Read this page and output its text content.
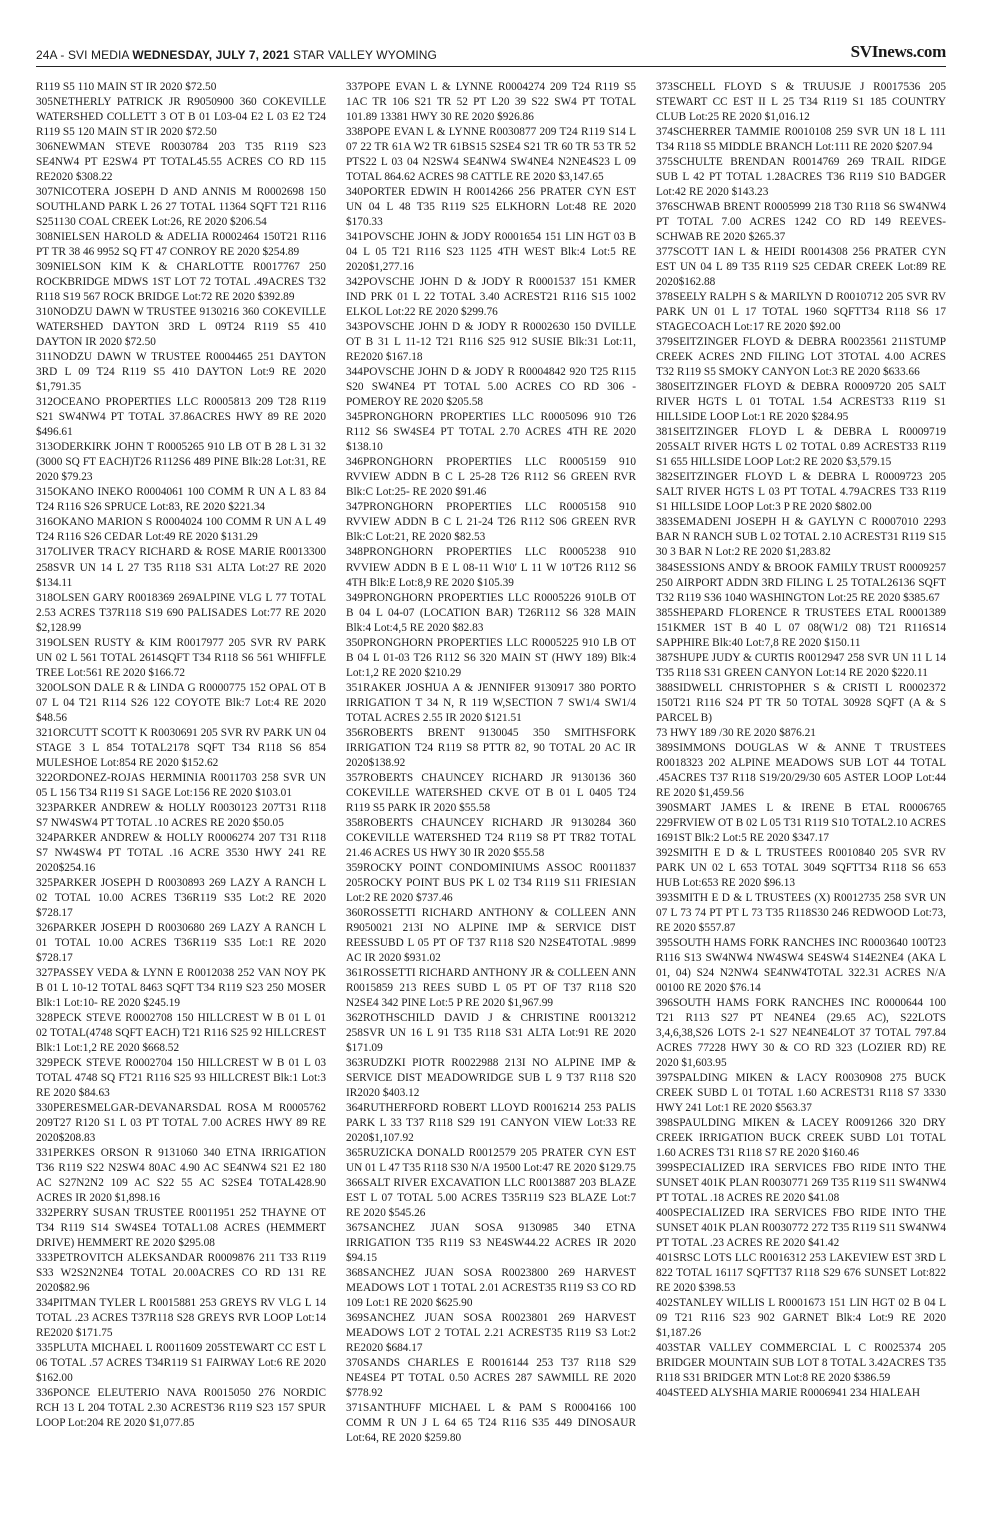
24A - SVI MEDIA WEDNESDAY, JULY 7, 2021 STAR VALLEY WYOMING	SVInews.com

R119 S5 110 MAIN ST IR 2020 $72.50

305NETHERLY PATRICK JR R9050900 360 COKEVILLE WATERSHED COLLETT 3 OT B 01 L03-04 E2 L 03 E2 T24 R119 S5 120 MAIN ST IR 2020 $72.50

306NEWMAN STEVE R0030784 203 T35 R119 S23 SE4NW4 PT E2SW4 PT TOTAL45.55 ACRES CO RD 115 RE2020 $308.22

307NICOTERA JOSEPH D AND ANNIS M R0002698 150 SOUTHLAND PARK L 26 27 TOTAL 11364 SQFT T21 R116 S251130 COAL CREEK Lot:26, RE 2020 $206.54

308NIELSEN HAROLD & ADELIA R0002464 150T21 R116 PT TR 38 46 9952 SQ FT 47 CONROY RE 2020 $254.89

309NIELSON KIM K & CHARLOTTE R0017767 250 ROCKBRIDGE MDWS 1ST LOT 72 TOTAL .49ACRES T32 R118 S19 567 ROCK BRIDGE Lot:72 RE 2020 $392.89

310NODZU DAWN W TRUSTEE 9130216 360 COKEVILLE WATERSHED DAYTON 3RD L 09T24 R119 S5 410 DAYTON IR 2020 $72.50

311NODZU DAWN W TRUSTEE R0004465 251 DAYTON 3RD L 09 T24 R119 S5 410 DAYTON Lot:9 RE 2020 $1,791.35

312OCEANO PROPERTIES LLC R0005813 209 T28 R119 S21 SW4NW4 PT TOTAL 37.86ACRES HWY 89 RE 2020 $496.61

313ODERKIRK JOHN T R0005265 910 LB OT B 28 L 31 32 (3000 SQ FT EACH)T26 R112S6 489 PINE Blk:28 Lot:31, RE 2020 $79.23

315OKANO INEKO R0004061 100 COMM R UN A L 83 84 T24 R116 S26 SPRUCE Lot:83, RE 2020 $221.34

316OKANO MARION S R0004024 100 COMM R UN A L 49 T24 R116 S26 CEDAR Lot:49 RE 2020 $131.29

317OLIVER TRACY RICHARD & ROSE MARIE R0013300 258SVR UN 14 L 27 T35 R118 S31 ALTA Lot:27 RE 2020 $134.11

318OLSEN GARY R0018369 269ALPINE VLG L 77 TOTAL 2.53 ACRES T37R118 S19 690 PALISADES Lot:77 RE 2020 $2,128.99

319OLSEN RUSTY & KIM R0017977 205 SVR RV PARK UN 02 L 561 TOTAL 2614SQFT T34 R118 S6 561 WHIFFLE TREE Lot:561 RE 2020 $166.72

320OLSON DALE R & LINDA G R0000775 152 OPAL OT B 07 L 04 T21 R114 S26 122 COYOTE Blk:7 Lot:4 RE 2020 $48.56

321ORCUTT SCOTT K R0030691 205 SVR RV PARK UN 04 STAGE 3 L 854 TOTAL2178 SQFT T34 R118 S6 854 MULESHOE Lot:854 RE 2020 $152.62

322ORDONEZ-ROJAS HERMINIA R0011703 258 SVR UN 05 L 156 T34 R119 S1 SAGE Lot:156 RE 2020 $103.01

323PARKER ANDREW & HOLLY R0030123 207T31 R118 S7 NW4SW4 PT TOTAL .10 ACRES RE 2020 $50.05

324PARKER ANDREW & HOLLY R0006274 207 T31 R118 S7 NW4SW4 PT TOTAL .16 ACRE 3530 HWY 241 RE 2020$254.16

325PARKER JOSEPH D R0030893 269 LAZY A RANCH L 02 TOTAL 10.00 ACRES T36R119 S35 Lot:2 RE 2020 $728.17

326PARKER JOSEPH D R0030680 269 LAZY A RANCH L 01 TOTAL 10.00 ACRES T36R119 S35 Lot:1 RE 2020 $728.17

327PASSEY VEDA & LYNN E R0012038 252 VAN NOY PK B 01 L 10-12 TOTAL 8463 SQFT T34 R119 S23 250 MOSER Blk:1 Lot:10- RE 2020 $245.19

328PECK STEVE R0002708 150 HILLCREST W B 01 L 01 02 TOTAL(4748 SQFT EACH) T21 R116 S25 92 HILLCREST Blk:1 Lot:1,2 RE 2020 $668.52

329PECK STEVE R0002704 150 HILLCREST W B 01 L 03 TOTAL 4748 SQ FT21 R116 S25 93 HILLCREST Blk:1 Lot:3 RE 2020 $84.63

330PERESMELGAR-DEVANARSDAL ROSA M R0005762 209T27 R120 S1 L 03 PT TOTAL 7.00 ACRES HWY 89 RE 2020$208.83

331PERKES ORSON R 9131060 340 ETNA IRRIGATION T36 R119 S22 N2SW4 80AC 4.90 AC SE4NW4 S21 E2 180 AC S27N2N2 109 AC S22 55 AC S2SE4 TOTAL428.90 ACRES IR 2020 $1,898.16

332PERRY SUSAN TRUSTEE R0011951 252 THAYNE OT T34 R119 S14 SW4SE4 TOTAL1.08 ACRES (HEMMERT DRIVE) HEMMERT RE 2020 $295.08

333PETROVITCH ALEKSANDAR R0009876 211 T33 R119 S33 W2S2N2NE4 TOTAL 20.00ACRES CO RD 131 RE 2020$82.96

334PITMAN TYLER L R0015881 253 GREYS RV VLG L 14 TOTAL .23 ACRES T37R118 S28 GREYS RVR LOOP Lot:14 RE2020 $171.75

335PLUTA MICHAEL L R0011609 205STEWART CC EST L 06 TOTAL .57 ACRES T34R119 S1 FAIRWAY Lot:6 RE 2020 $162.00

336PONCE ELEUTERIO NAVA R0015050 276 NORDIC RCH 13 L 204 TOTAL 2.30 ACREST36 R119 S23 157 SPUR LOOP Lot:204 RE 2020 $1,077.85

337POPE EVAN L & LYNNE R0004274 209 T24 R119 S5 1AC TR 106 S21 TR 52 PT L20 39 S22 SW4 PT TOTAL 101.89 13381 HWY 30 RE 2020 $926.86

338POPE EVAN L & LYNNE R0030877 209 T24 R119 S14 L 07 22 TR 61A W2 TR 61BS15 S2SE4 S21 TR 60 TR 53 TR 52 PTS22 L 03 04 N2SW4 SE4NW4 SW4NE4 N2NE4S23 L 09 TOTAL 864.62 ACRES 98 CATTLE RE 2020 $3,147.65

340PORTER EDWIN H R0014266 256 PRATER CYN EST UN 04 L 48 T35 R119 S25 ELKHORN Lot:48 RE 2020 $170.33

341POVSCHE JOHN & JODY R0001654 151 LIN HGT 03 B 04 L 05 T21 R116 S23 1125 4TH WEST Blk:4 Lot:5 RE 2020$1,277.16

342POVSCHE JOHN D & JODY R R0001537 151 KMER IND PRK 01 L 22 TOTAL 3.40 ACREST21 R116 S15 1002 ELKOL Lot:22 RE 2020 $299.76

343POVSCHE JOHN D & JODY R R0002630 150 DVILLE OT B 31 L 11-12 T21 R116 S25 912 SUSIE Blk:31 Lot:11, RE2020 $167.18

344POVSCHE JOHN D & JODY R R0004842 920 T25 R115 S20 SW4NE4 PT TOTAL 5.00 ACRES CO RD 306 - POMEROY RE 2020 $205.58

345PRONGHORN PROPERTIES LLC R0005096 910 T26 R112 S6 SW4SE4 PT TOTAL 2.70 ACRES 4TH RE 2020 $138.10

346PRONGHORN PROPERTIES LLC R0005159 910 RVVIEW ADDN B C L 25-28 T26 R112 S6 GREEN RVR Blk:C Lot:25- RE 2020 $91.46

347PRONGHORN PROPERTIES LLC R0005158 910 RVVIEW ADDN B C L 21-24 T26 R112 S06 GREEN RVR Blk:C Lot:21, RE 2020 $82.53

348PRONGHORN PROPERTIES LLC R0005238 910 RVVIEW ADDN B E L 08-11 W10' L 11 W 10'T26 R112 S6 4TH Blk:E Lot:8,9 RE 2020 $105.39

349PRONGHORN PROPERTIES LLC R0005226 910LB OT B 04 L 04-07 (LOCATION BAR) T26R112 S6 328 MAIN Blk:4 Lot:4,5 RE 2020 $82.83

350PRONGHORN PROPERTIES LLC R0005225 910 LB OT B 04 L 01-03 T26 R112 S6 320 MAIN ST (HWY 189) Blk:4 Lot:1,2 RE 2020 $210.29

351RAKER JOSHUA A & JENNIFER 9130917 380 PORTO IRRIGATION T 34 N, R 119 W,SECTION 7 SW1/4 SW1/4 TOTAL ACRES 2.55 IR 2020 $121.51

356ROBERTS BRENT 9130045 350 SMITHSFORK IRRIGATION T24 R119 S8 PTTR 82, 90 TOTAL 20 AC IR 2020$138.92

357ROBERTS CHAUNCEY RICHARD JR 9130136 360 COKEVILLE WATERSHED CKVE OT B 01 L 0405 T24 R119 S5 PARK IR 2020 $55.58

358ROBERTS CHAUNCEY RICHARD JR 9130284 360 COKEVILLE WATERSHED T24 R119 S8 PT TR82 TOTAL 21.46 ACRES US HWY 30 IR 2020 $55.58

359ROCKY POINT CONDOMINIUMS ASSOC R0011837 205ROCKY POINT BUS PK L 02 T34 R119 S11 FRIESIAN Lot:2 RE 2020 $737.46

360ROSSETTI RICHARD ANTHONY & COLLEEN ANN R9050021 213I NO ALPINE IMP & SERVICE DIST REESSUBD L 05 PT OF T37 R118 S20 N2SE4TOTAL .9899 AC IR 2020 $931.02

361ROSSETTI RICHARD ANTHONY JR & COLLEEN ANN R0015859 213 REES SUBD L 05 PT OF T37 R118 S20 N2SE4 342 PINE Lot:5 P RE 2020 $1,967.99

362ROTHSCHILD DAVID J & CHRISTINE R0013212 258SVR UN 16 L 91 T35 R118 S31 ALTA Lot:91 RE 2020 $171.09

363RUDZKI PIOTR R0022988 213I NO ALPINE IMP & SERVICE DIST MEADOWRIDGE SUB L 9 T37 R118 S20 IR2020 $403.12

364RUTHERFORD ROBERT LLOYD R0016214 253 PALIS PARK L 33 T37 R118 S29 191 CANYON VIEW Lot:33 RE 2020$1,107.92

365RUZICKA DONALD R0012579 205 PRATER CYN EST UN 01 L 47 T35 R118 S30 N/A 19500 Lot:47 RE 2020 $129.75

366SALT RIVER EXCAVATION LLC R0013887 203 BLAZE EST L 07 TOTAL 5.00 ACRES T35R119 S23 BLAZE Lot:7 RE 2020 $545.26

367SANCHEZ JUAN SOSA 9130985 340 ETNA IRRIGATION T35 R119 S3 NE4SW44.22 ACRES IR 2020 $94.15

368SANCHEZ JUAN SOSA R0023800 269 HARVEST MEADOWS LOT 1 TOTAL 2.01 ACREST35 R119 S3 CO RD 109 Lot:1 RE 2020 $625.90

369SANCHEZ JUAN SOSA R0023801 269 HARVEST MEADOWS LOT 2 TOTAL 2.21 ACREST35 R119 S3 Lot:2 RE2020 $684.17

370SANDS CHARLES E R0016144 253 T37 R118 S29 NE4SE4 PT TOTAL 0.50 ACRES 287 SAWMILL RE 2020 $778.92

371SANTHUFF MICHAEL L & PAM S R0004166 100 COMM R UN J L 64 65 T24 R116 S35 449 DINOSAUR Lot:64, RE 2020 $259.80

373SCHELL FLOYD S & TRUUSJE J R0017536 205 STEWART CC EST II L 25 T34 R119 S1 185 COUNTRY CLUB Lot:25 RE 2020 $1,016.12

374SCHERRER TAMMIE R0010108 259 SVR UN 18 L 111 T34 R118 S5 MIDDLE BRANCH Lot:111 RE 2020 $207.94

375SCHULTE BRENDAN R0014769 269 TRAIL RIDGE SUB L 42 PT TOTAL 1.28ACRES T36 R119 S10 BADGER Lot:42 RE 2020 $143.23

376SCHWAB BRENT R0005999 218 T30 R118 S6 SW4NW4 PT TOTAL 7.00 ACRES 1242 CO RD 149 REEVES-SCHWAB RE 2020 $265.37

377SCOTT IAN L & HEIDI R0014308 256 PRATER CYN EST UN 04 L 89 T35 R119 S25 CEDAR CREEK Lot:89 RE 2020$162.88

378SEELY RALPH S & MARILYN D R0010712 205 SVR RV PARK UN 01 L 17 TOTAL 1960 SQFTT34 R118 S6 17 STAGECOACH Lot:17 RE 2020 $92.00

379SEITZINGER FLOYD & DEBRA R0023561 211STUMP CREEK ACRES 2ND FILING LOT 3TOTAL 4.00 ACRES T32 R119 S5 SMOKY CANYON Lot:3 RE 2020 $633.66

380SEITZINGER FLOYD & DEBRA R0009720 205 SALT RIVER HGTS L 01 TOTAL 1.54 ACREST33 R119 S1 HILLSIDE LOOP Lot:1 RE 2020 $284.95

381SEITZINGER FLOYD L & DEBRA L R0009719 205SALT RIVER HGTS L 02 TOTAL 0.89 ACREST33 R119 S1 655 HILLSIDE LOOP Lot:2 RE 2020 $3,579.15

382SEITZINGER FLOYD L & DEBRA L R0009723 205 SALT RIVER HGTS L 03 PT TOTAL 4.79ACRES T33 R119 S1 HILLSIDE LOOP Lot:3 P RE 2020 $802.00

383SEMADENI JOSEPH H & GAYLYN C R0007010 2293 BAR N RANCH SUB L 02 TOTAL 2.10 ACREST31 R119 S15 30 3 BAR N Lot:2 RE 2020 $1,283.82

384SESSIONS ANDY & BROOK FAMILY TRUST R0009257 250 AIRPORT ADDN 3RD FILING L 25 TOTAL26136 SQFT T32 R119 S36 1040 WASHINGTON Lot:25 RE 2020 $385.67

385SHEPARD FLORENCE R TRUSTEES ETAL R0001389 151KMER 1ST B 40 L 07 08(W1/2 08) T21 R116S14 SAPPHIRE Blk:40 Lot:7,8 RE 2020 $150.11

387SHUPE JUDY & CURTIS R0012947 258 SVR UN 11 L 14 T35 R118 S31 GREEN CANYON Lot:14 RE 2020 $220.11

388SIDWELL CHRISTOPHER S & CRISTI L R0002372 150T21 R116 S24 PT TR 50 TOTAL 30928 SQFT (A & S PARCEL B)

73 HWY 189 /30 RE 2020 $876.21

389SIMMONS DOUGLAS W & ANNE T TRUSTEES R0018323 202 ALPINE MEADOWS SUB LOT 44 TOTAL .45ACRES T37 R118 S19/20/29/30 605 ASTER LOOP Lot:44 RE 2020 $1,459.56

390SMART JAMES L & IRENE B ETAL R0006765 229FRVIEW OT B 02 L 05 T31 R119 S10 TOTAL2.10 ACRES 1691ST Blk:2 Lot:5 RE 2020 $347.17

392SMITH E D & L TRUSTEES R0010840 205 SVR RV PARK UN 02 L 653 TOTAL 3049 SQFTT34 R118 S6 653 HUB Lot:653 RE 2020 $96.13

393SMITH E D & L TRUSTEES (X) R0012735 258 SVR UN 07 L 73 74 PT PT L 73 T35 R118S30 246 REDWOOD Lot:73, RE 2020 $557.87

395SOUTH HAMS FORK RANCHES INC R0003640 100T23 R116 S13 SW4NW4 NW4SW4 SE4SW4 S14E2NE4 (AKA L 01, 04) S24 N2NW4 SE4NW4TOTAL 322.31 ACRES N/A 00100 RE 2020 $76.14

396SOUTH HAMS FORK RANCHES INC R0000644 100 T21 R113 S27 PT NE4NE4 (29.65 AC), S22LOTS 3,4,6,38,S26 LOTS 2-1 S27 NE4NE4LOT 37 TOTAL 797.84 ACRES 77228 HWY 30 & CO RD 323 (LOZIER RD) RE 2020 $1,603.95

397SPALDING MIKEN & LACY R0030908 275 BUCK CREEK SUBD L 01 TOTAL 1.60 ACREST31 R118 S7 3330 HWY 241 Lot:1 RE 2020 $563.37

398SPAULDING MIKEN & LACEY R0091266 320 DRY CREEK IRRIGATION BUCK CREEK SUBD L01 TOTAL 1.60 ACRES T31 R118 S7 RE 2020 $160.46

399SPECIALIZED IRA SERVICES FBO RIDE INTO THE SUNSET 401K PLAN R0030771 269 T35 R119 S11 SW4NW4 PT TOTAL .18 ACRES RE 2020 $41.08

400SPECIALIZED IRA SERVICES FBO RIDE INTO THE SUNSET 401K PLAN R0030772 272 T35 R119 S11 SW4NW4 PT TOTAL .23 ACRES RE 2020 $41.42

401SRSC LOTS LLC R0016312 253 LAKEVIEW EST 3RD L 822 TOTAL 16117 SQFTT37 R118 S29 676 SUNSET Lot:822 RE 2020 $398.53

402STANLEY WILLIS L R0001673 151 LIN HGT 02 B 04 L 09 T21 R116 S23 902 GARNET Blk:4 Lot:9 RE 2020 $1,187.26

403STAR VALLEY COMMERCIAL L C R0025374 205 BRIDGER MOUNTAIN SUB LOT 8 TOTAL 3.42ACRES T35 R118 S31 BRIDGER MTN Lot:8 RE 2020 $386.59

404STEED ALYSHIA MARIE R0006941 234 HIALEAH
